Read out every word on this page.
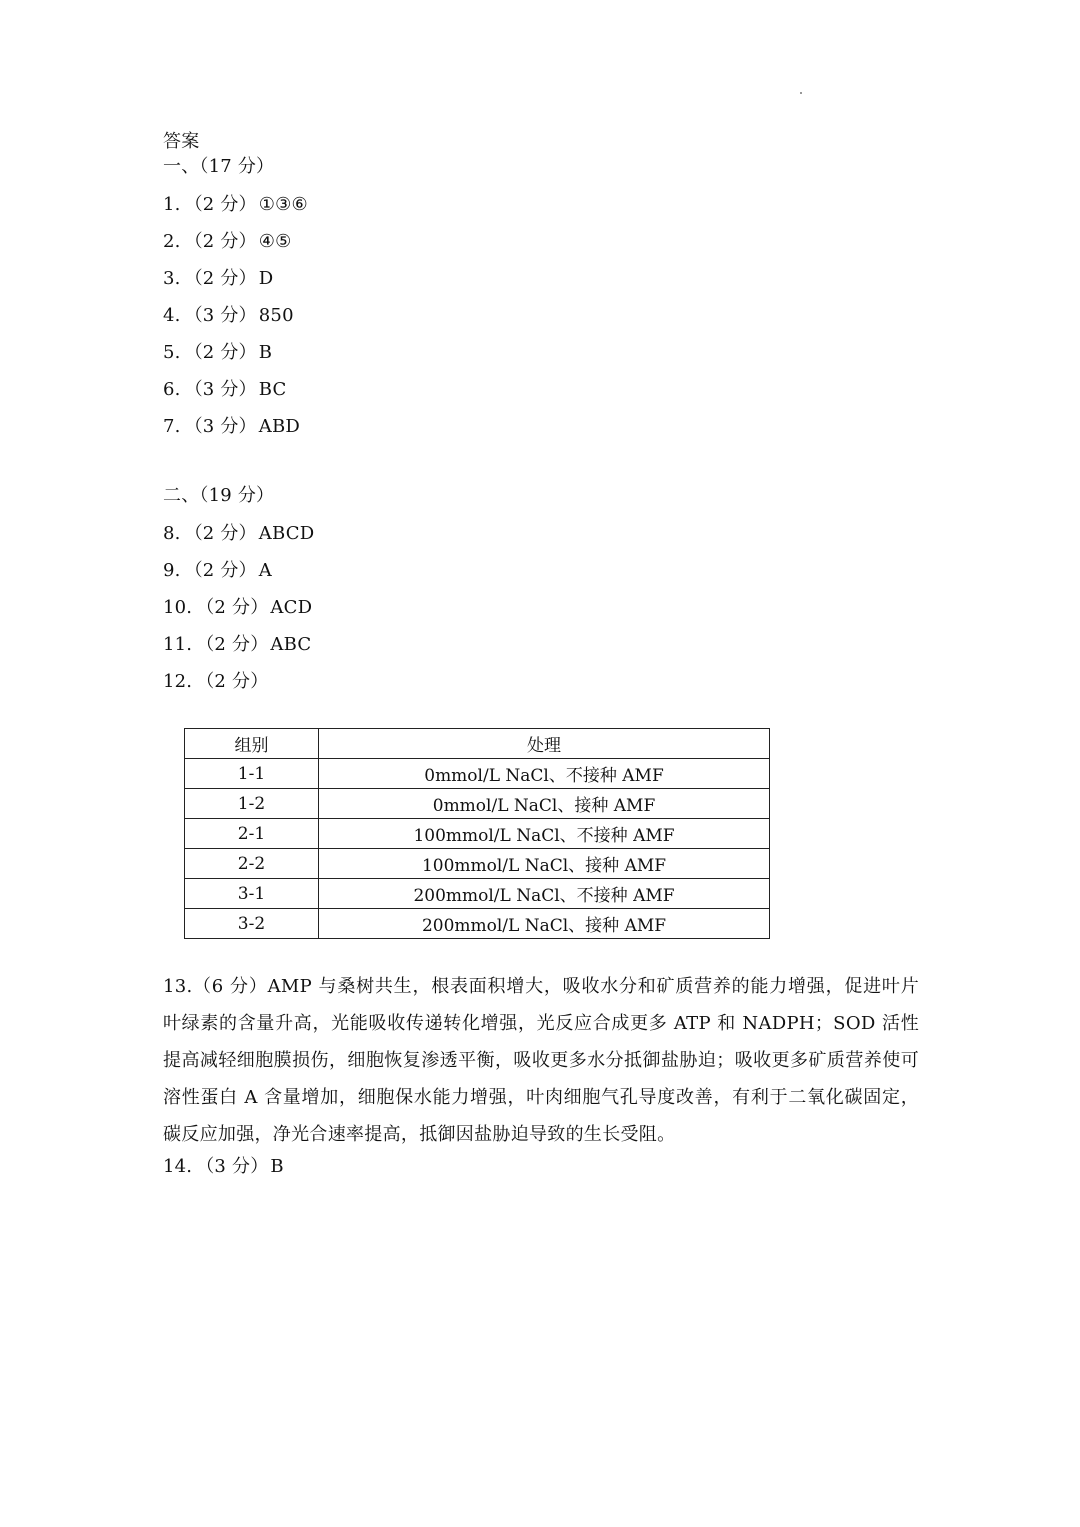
答案
一、（17 分）
1. （2 分） ①③⑥
2. （2 分） ④⑤
3. （2 分） D
4. （3 分） 850
5. （2 分） B
6. （3 分） BC
7. （3 分） ABD
二、（19 分）
8. （2 分） ABCD
9. （2 分） A
10. （2 分） ACD
11. （2 分） ABC
12. （2 分）
组别	处理
1-1	0mmol/L NaCl、不接种 AMF
1-2	0mmol/L NaCl、接种 AMF
2-1	100mmol/L NaCl、不接种 AMF
2-2	100mmol/L NaCl、接种 AMF
3-1	200mmol/L NaCl、不接种 AMF
3-2	200mmol/L NaCl、接种 AMF
13.（6 分）AMP 与桑树共生，根表面积增大，吸收水分和矿质营养的能力增强，促进叶片叶绿素的含量升高，光能吸收传递转化增强，光反应合成更多 ATP 和 NADPH；SOD 活性提高减轻细胞膜损伤，细胞恢复渗透平衡，吸收更多水分抵御盐胁迫；吸收更多矿质营养使可溶性蛋白 A 含量增加，细胞保水能力增强，叶肉细胞气孔导度改善，有利于二氧化碳固定，碳反应加强，净光合速率提高，抵御因盐胁迫导致的生长受阻。
14. （3 分） B
